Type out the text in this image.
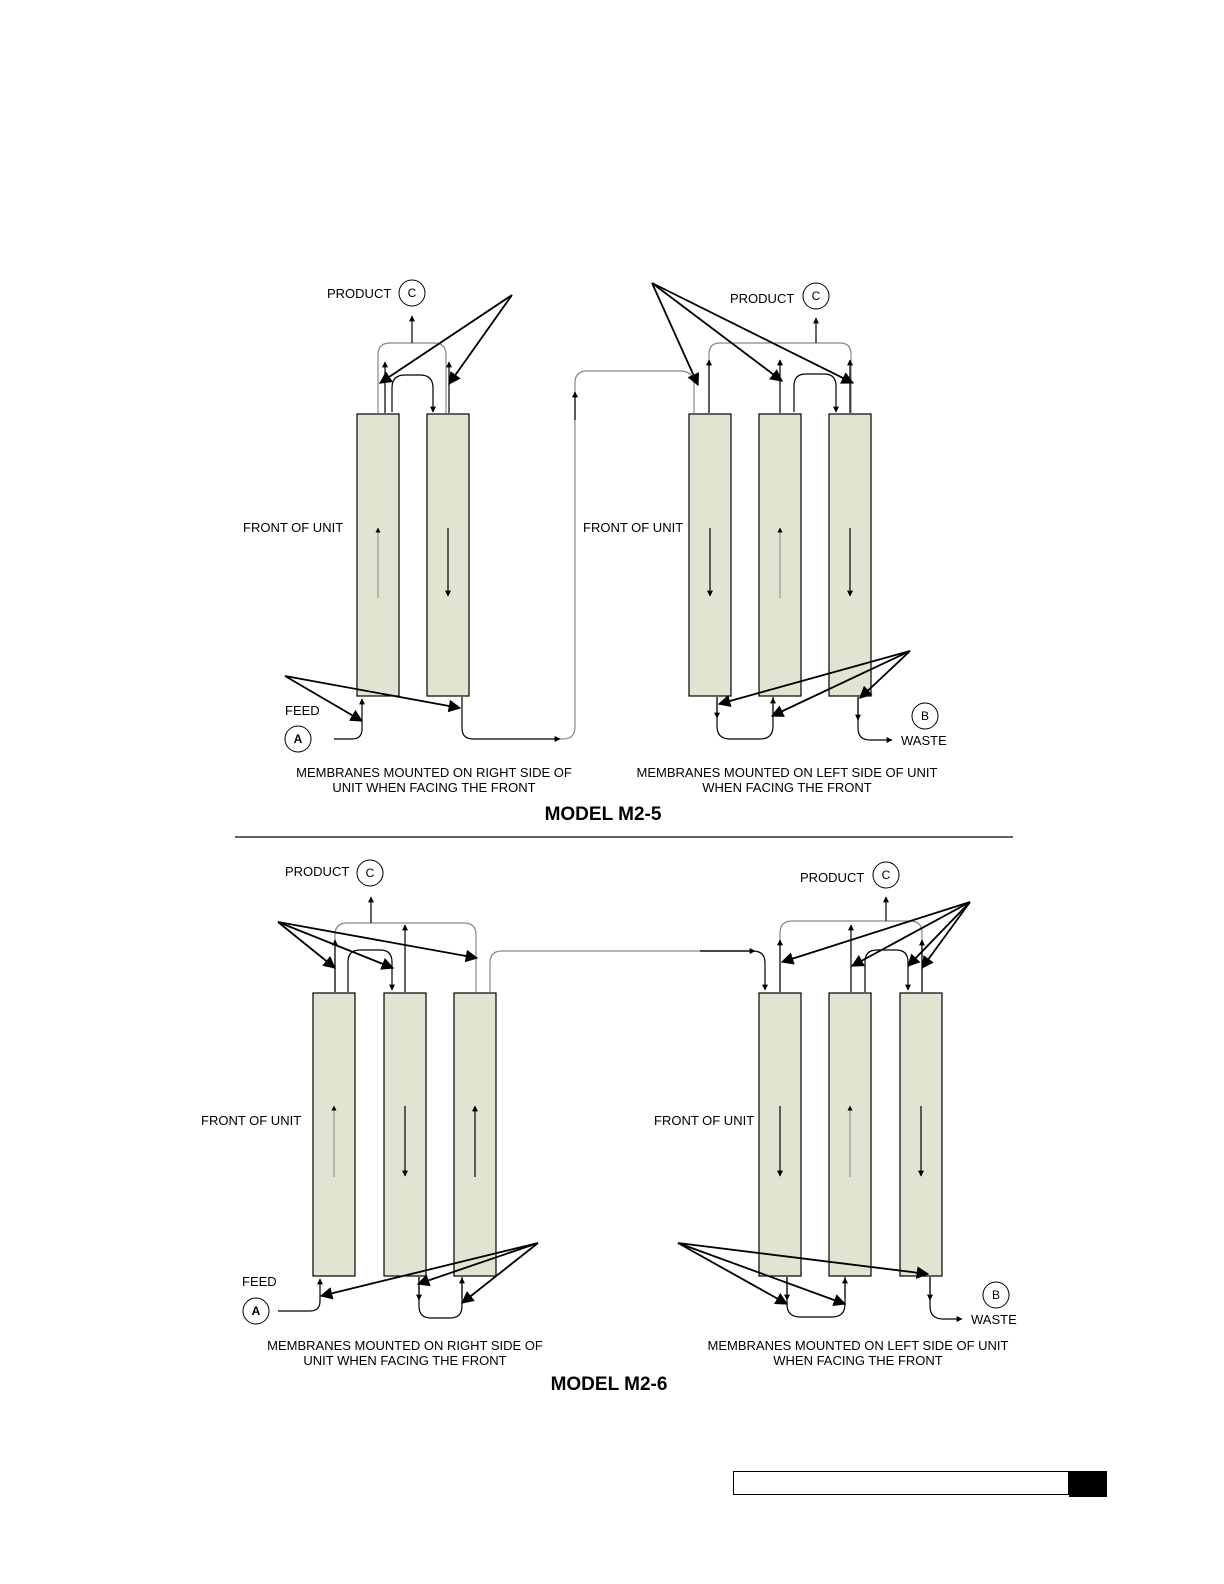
PRODUCT C
FRONT OF UNIT
FEED
A
MEMBRANES MOUNTED ON RIGHT SIDE OF
UNIT WHEN FACING THE FRONT
PRODUCT C
FRONT OF UNIT
B
WASTE
MEMBRANES MOUNTED ON LEFT SIDE OF UNIT
WHEN FACING THE FRONT
MODEL M2-5
PRODUCT C
FRONT OF UNIT
FEED
A
MEMBRANES MOUNTED ON RIGHT SIDE OF
UNIT WHEN FACING THE FRONT
PRODUCT C
FRONT OF UNIT
B
WASTE
MEMBRANES MOUNTED ON LEFT SIDE OF UNIT
WHEN FACING THE FRONT
MODEL M2-6
